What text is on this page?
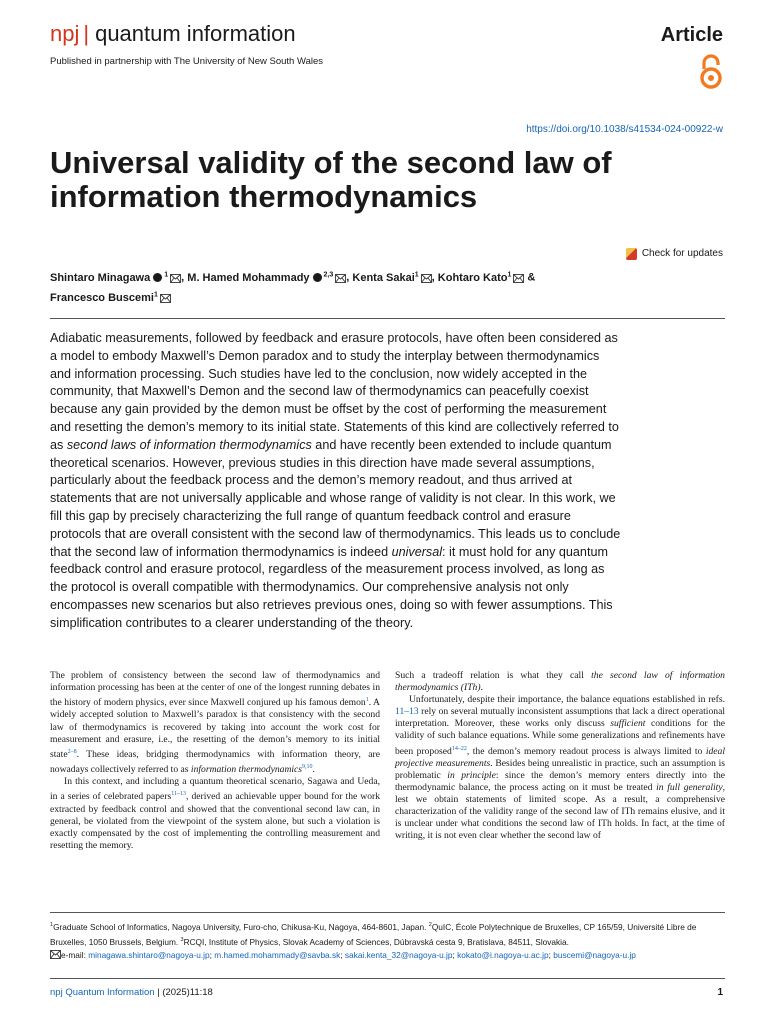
npj | quantum information	Article
Published in partnership with The University of New South Wales
https://doi.org/10.1038/s41534-024-00922-w
Universal validity of the second law of information thermodynamics
Check for updates
Shintaro Minagawa $^1$ , M. Hamed Mohammady $^{2,3}$ , Kenta Sakai$^1$ , Kohtaro Kato$^1$ &
Francesco Buscemi$^1$

Adiabatic measurements, followed by feedback and erasure protocols, have often been considered as a model to embody Maxwell’s Demon paradox and to study the interplay between thermodynamics and information processing. Such studies have led to the conclusion, now widely accepted in the community, that Maxwell’s Demon and the second law of thermodynamics can peacefully coexist because any gain provided by the demon must be offset by the cost of performing the measurement and resetting the demon’s memory to its initial state. Statements of this kind are collectively referred to as second laws of information thermodynamics and have recently been extended to include quantum theoretical scenarios. However, previous studies in this direction have made several assumptions, particularly about the feedback process and the demon’s memory readout, and thus arrived at statements that are not universally applicable and whose range of validity is not clear. In this work, we fill this gap by precisely characterizing the full range of quantum feedback control and erasure protocols that are overall consistent with the second law of thermodynamics. This leads us to conclude that the second law of information thermodynamics is indeed universal: it must hold for any quantum feedback control and erasure protocol, regardless of the measurement process involved, as long as the protocol is overall compatible with thermodynamics. Our comprehensive analysis not only encompasses new scenarios but also retrieves previous ones, doing so with fewer assumptions. This simplification contributes to a clearer understanding of the theory.

The problem of consistency between the second law of thermodynamics and information processing has been at the center of one of the longest running debates in the history of modern physics, ever since Maxwell conjured up his famous demon$^1$. A widely accepted solution to Maxwell’s paradox is that consistency with the second law of thermodynamics is recovered by taking into account the work cost for measurement and erasure, i.e., the resetting of the demon’s memory to its initial state$^{2-8}$. These ideas, bridging thermodynamics with information theory, are nowadays collectively referred to as information thermodynamics$^{9,10}$.

In this context, and including a quantum theoretical scenario, Sagawa and Ueda, in a series of celebrated papers$^{11-13}$, derived an achievable upper bound for the work extracted by feedback control and showed that the conventional second law can, in general, be violated from the viewpoint of the system alone, but such a violation is exactly compensated by the cost of implementing the controlling measurement and resetting the memory.

Such a tradeoff relation is what they call the second law of information thermodynamics (ITh).

Unfortunately, despite their importance, the balance equations established in refs. 11–13 rely on several mutually inconsistent assumptions that lack a direct operational interpretation. Moreover, these works only discuss sufficient conditions for the validity of such balance equations. While some generalizations and refinements have been proposed$^{14-22}$, the demon’s memory readout process is always limited to ideal projective measurements. Besides being unrealistic in practice, such an assumption is problematic in principle: since the demon’s memory enters directly into the thermodynamic balance, the process acting on it must be treated in full generality, lest we obtain statements of limited scope. As a result, a comprehensive characterization of the validity range of the second law of ITh remains elusive, and it is unclear under what conditions the second law of ITh holds. In fact, at the time of writing, it is not even clear whether the second law of

$^1$Graduate School of Informatics, Nagoya University, Furo-cho, Chikusa-Ku, Nagoya, 464-8601, Japan. $^2$QuIC, École Polytechnique de Bruxelles, CP 165/59, Université Libre de Bruxelles, 1050 Brussels, Belgium. $^3$RCQI, Institute of Physics, Slovak Academy of Sciences, Dúbravská cesta 9, Bratislava, 84511, Slovakia.
e-mail: minagawa.shintaro@nagoya-u.jp; m.hamed.mohammady@savba.sk; sakai.kenta_32@nagoya-u.jp; kokato@i.nagoya-u.ac.jp; buscemi@nagoya-u.jp

npj Quantum Information | (2025)11:18	1
